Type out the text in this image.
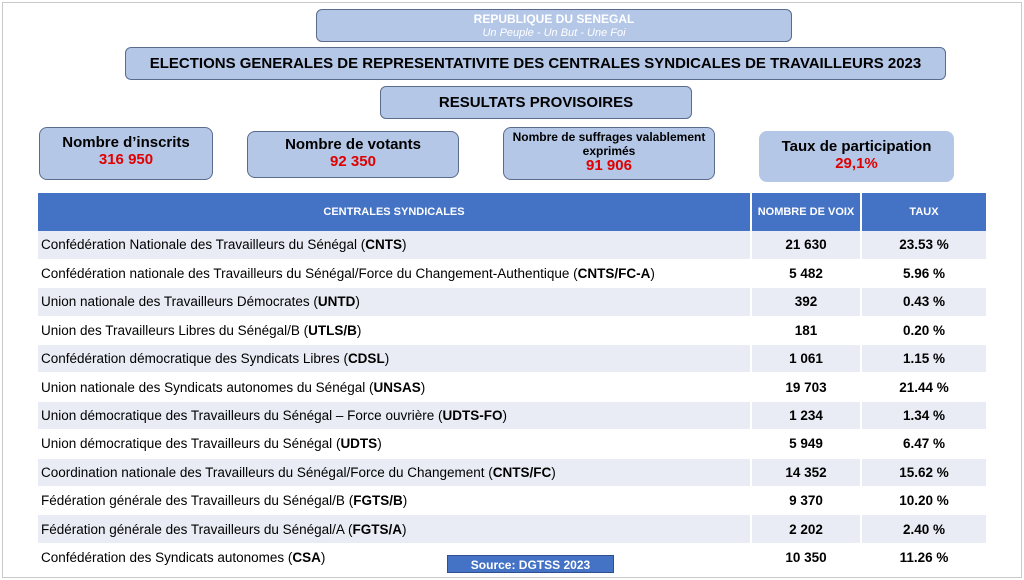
REPUBLIQUE DU SENEGAL
Un Peuple - Un But - Une Foi
ELECTIONS GENERALES DE REPRESENTATIVITE DES CENTRALES SYNDICALES DE TRAVAILLEURS 2023
RESULTATS PROVISOIRES
Nombre d’inscrits
316 950
Nombre de votants
92 350
Nombre de suffrages valablement exprimés
91 906
Taux de participation
29,1%
CENTRALES SYNDICALES	NOMBRE DE VOIX	TAUX
Confédération Nationale des Travailleurs du Sénégal (CNTS)	21 630	23.53 %
Confédération nationale des Travailleurs du Sénégal/Force du Changement-Authentique (CNTS/FC-A)	5 482	5.96 %
Union nationale des Travailleurs Démocrates (UNTD)	392	0.43 %
Union des Travailleurs Libres du Sénégal/B (UTLS/B)	181	0.20 %
Confédération démocratique des Syndicats Libres (CDSL)	1 061	1.15 %
Union nationale des Syndicats autonomes du Sénégal (UNSAS)	19 703	21.44 %
Union démocratique des Travailleurs du Sénégal – Force ouvrière (UDTS-FO)	1 234	1.34 %
Union démocratique des Travailleurs du Sénégal (UDTS)	5 949	6.47 %
Coordination nationale des Travailleurs du Sénégal/Force du Changement (CNTS/FC)	14 352	15.62 %
Fédération générale des Travailleurs du Sénégal/B (FGTS/B)	9 370	10.20 %
Fédération générale des Travailleurs du Sénégal/A (FGTS/A)	2 202	2.40 %
Confédération des Syndicats autonomes (CSA)	10 350	11.26 %
Source: DGTSS 2023
